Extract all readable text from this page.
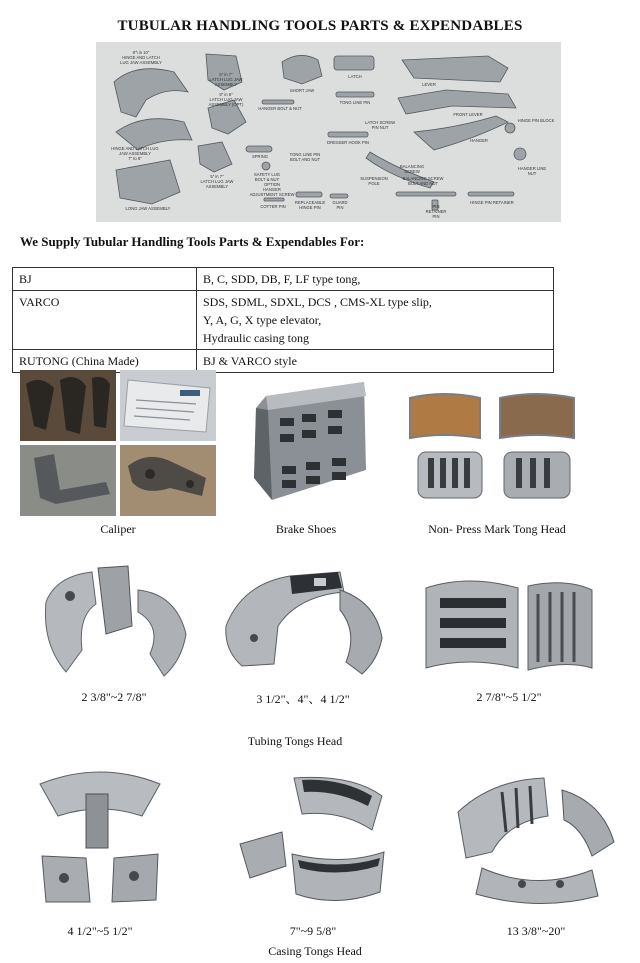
TUBULAR HANDLING TOOLS PARTS & EXPENDABLES
9"\ in 10"
HINGE AND LATCH
LUG JAW ASSEMBLY
5" in 7"
LATCH LUG JAW
ASSEMBLY
9" in 8"
LATCH LUG JAW
ASSEMBLY (OPT)
SHORT JAW
LATCH
LEVER
TONG LINE PIN
HANGER BOLT & NUT
HINGE AND LATCH LUG
JAW ASSEMBLY
7" to 8"
5" in 7"
LATCH LUG JAW
ASSEMBLY
LATCH SCREW
PIN NUT
FRONT LEVER
HINGE PIN BLOCK
SPRING	TONG LINE PIN
BOLT AND NUT
DRESSER HOOK PIN	HANGER
SAFETY LUG
BOLT & NUT
OPTION
HANGER
ADJUSTMENT SCREW
BALANCING
SCREW
SUSPENSION
POLE
BALANCING SCREW
BOLT AND NUT
HANGER LINE
NUT
LONG JAW ASSEMBLY	COTTER PIN
REPLACEABLE
HINGE PIN
GUARD
PIN	PIN
RETAINER
PIN
HINGE PIN RETAINER
We Supply Tubular Handling Tools Parts & Expendables For:
BJ	B, C, SDD, DB, F, LF type tong,

VARCO	SDS, SDML, SDXL, DCS , CMS-XL type slip,
Y, A, G, X type elevator,
Hydraulic casing tong

RUTONG (China Made)	BJ & VARCO style
Caliper	Brake Shoes	Non- Press Mark Tong Head
2 3/8"~2 7/8"	3 1/2"、4"、4 1/2"	2 7/8"~5 1/2"
Tubing Tongs Head
4 1/2"~5 1/2"	7"~9 5/8"	13 3/8"~20"
Casing Tongs Head
